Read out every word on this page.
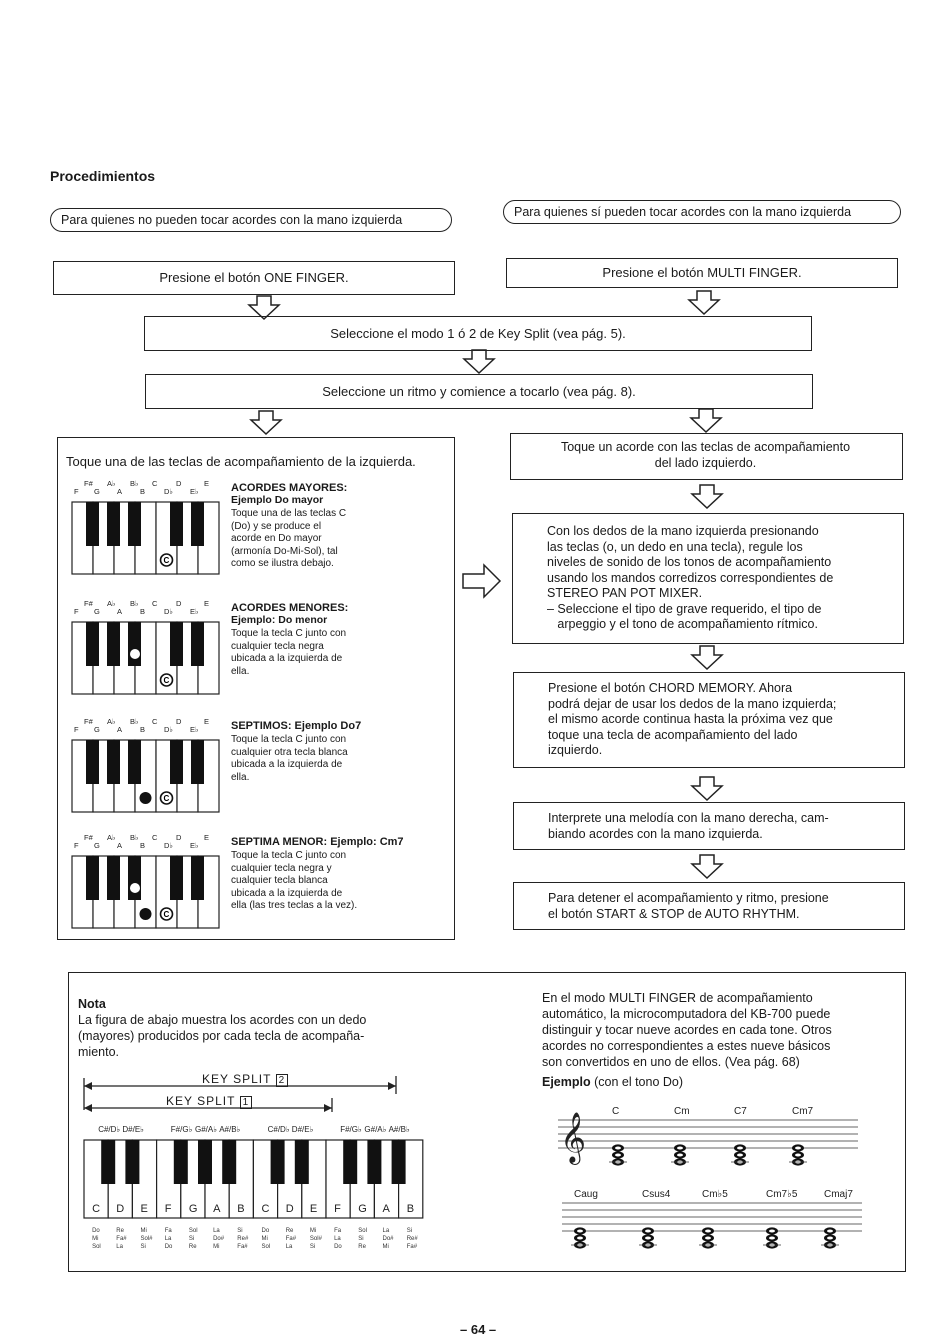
Procedimientos
Para quienes no pueden tocar acordes con la mano izquierda
Para quienes sí pueden tocar acordes con la mano izquierda
Presione el botón ONE FINGER.	Presione el botón MULTI FINGER.
Seleccione el modo 1 ó 2 de Key Split (vea pág. 5).
Seleccione un ritmo y comience a tocarlo (vea pág. 8).
Toque una de las teclas de acompañamiento de la izquierda.
F
F#
G
A♭
A
B♭
B
C
D♭
D
E♭
E
C
ACORDES MAYORES:
Ejemplo Do mayor
Toque una de las teclas C
(Do) y se produce el
acorde en Do mayor
(armonía Do-Mi-Sol), tal
como se ilustra debajo.
F
F#
G
A♭
A
B♭
B
C
D♭
D
E♭
E
C
ACORDES MENORES:
Ejemplo: Do menor
Toque la tecla C junto con
cualquier tecla negra
ubicada a la izquierda de
ella.
F
F#
G
A♭
A
B♭
B
C
D♭
D
E♭
E
C
SEPTIMOS: Ejemplo Do7
Toque la tecla C junto con
cualquier otra tecla blanca
ubicada a la izquierda de
ella.
F
F#
G
A♭
A
B♭
B
C
D♭
D
E♭
E
C
SEPTIMA MENOR: Ejemplo: Cm7
Toque la tecla C junto con
cualquier tecla negra y
cualquier tecla blanca
ubicada a la izquierda de
ella (las tres teclas a la vez).
Toque un acorde con las teclas de acompañamiento
del lado izquierdo.
Con los dedos de la mano izquierda presionando
las teclas (o, un dedo en una tecla), regule los
niveles de sonido de los tonos de acompañamiento
usando los mandos corredizos correspondientes de
STEREO PAN POT MIXER.
– Seleccione el tipo de grave requerido, el tipo de
arpeggio y el tono de acompañamiento rítmico.
Presione el botón CHORD MEMORY. Ahora
podrá dejar de usar los dedos de la mano izquierda;
el mismo acorde continua hasta la próxima vez que
toque una tecla de acompañamiento del lado
izquierdo.
Interprete una melodía con la mano derecha, cam-
biando acordes con la mano izquierda.
Para detener el acompañamiento y ritmo, presione
el botón START & STOP de AUTO RHYTHM.
Nota
La figura de abajo muestra los acordes con un dedo
(mayores) producidos por cada tecla de acompaña-
miento.
KEY SPLIT 2
KEY SPLIT 1
C#/D♭ D#/E♭	F#/G♭ G#/A♭ A#/B♭	C#/D♭ D#/E♭	F#/G♭ G#/A♭ A#/B♭
C
Do
Mi
Sol
D
Re
Fa#
La
E
Mi
Sol#
Si
F
Fa
La
Do
G
Sol
Si
Re
A
La
Do#
Mi
B
Si
Re#
Fa#
C
Do
Mi
Sol
D
Re
Fa#
La
E
Mi
Sol#
Si
F
Fa
La
Do
G
Sol
Si
Re
A
La
Do#
Mi
B
Si
Re#
Fa#
En el modo MULTI FINGER de acompañamiento
automático, la microcomputadora del KB-700 puede
distinguir y tocar nueve acordes en cada tone. Otros
acordes no correspondientes a estes nueve básicos
son convertidos en uno de ellos. (Vea pág. 68)
Ejemplo (con el tono Do)
𝄞
C	Cm	C7	Cm7
Caug	Csus4	Cm♭5	Cm7♭5	Cmaj7
– 64 –
